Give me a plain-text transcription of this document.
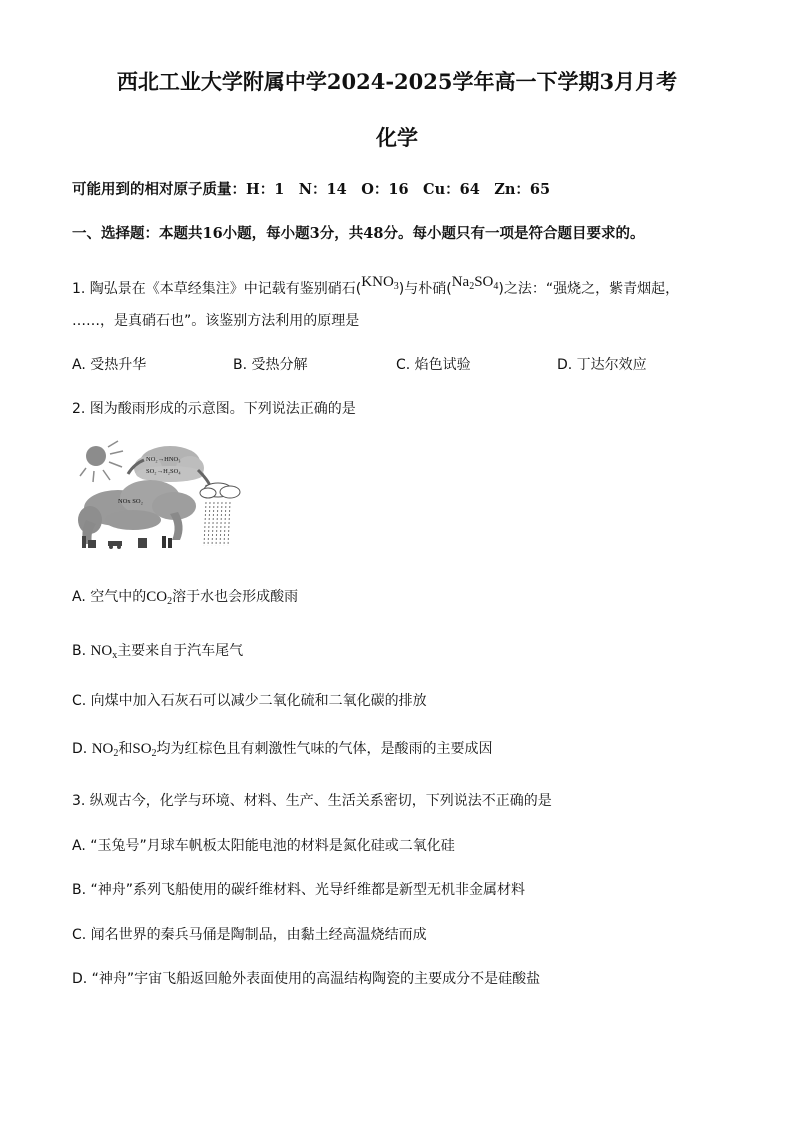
西北工业大学附属中学2024-2025学年高一下学期3月月考
化学
可能用到的相对原子质量：H：1　N：14　O：16　Cu：64　Zn：65
一、选择题：本题共16小题，每小题3分，共48分。每小题只有一项是符合题目要求的。
1. 陶弘景在《本草经集注》中记载有鉴别硝石$(KNO_3)$与朴硝$(Na_2SO_4)$之法：“强烧之，紫青烟起，
……，是真硝石也”。该鉴别方法利用的原理是
A. 受热升华	B. 受热分解	C. 焰色试验	D. 丁达尔效应
2. 图为酸雨形成的示意图。下列说法正确的是
NO₂→HNO₃
SO₂→H₂SO₄
NOx SO₂
A. 空气中的$CO_2$溶于水也会形成酸雨
B. $NO_x$主要来自于汽车尾气
C. 向煤中加入石灰石可以减少二氧化硫和二氧化碳的排放
D. $NO_2$和$SO_2$均为红棕色且有刺激性气味的气体，是酸雨的主要成因
3. 纵观古今，化学与环境、材料、生产、生活关系密切，下列说法不正确的是
A. “玉兔号”月球车帆板太阳能电池的材料是氮化硅或二氧化硅
B. “神舟”系列飞船使用的碳纤维材料、光导纤维都是新型无机非金属材料
C. 闻名世界的秦兵马俑是陶制品，由黏土经高温烧结而成
D. “神舟”宇宙飞船返回舱外表面使用的高温结构陶瓷的主要成分不是硅酸盐
